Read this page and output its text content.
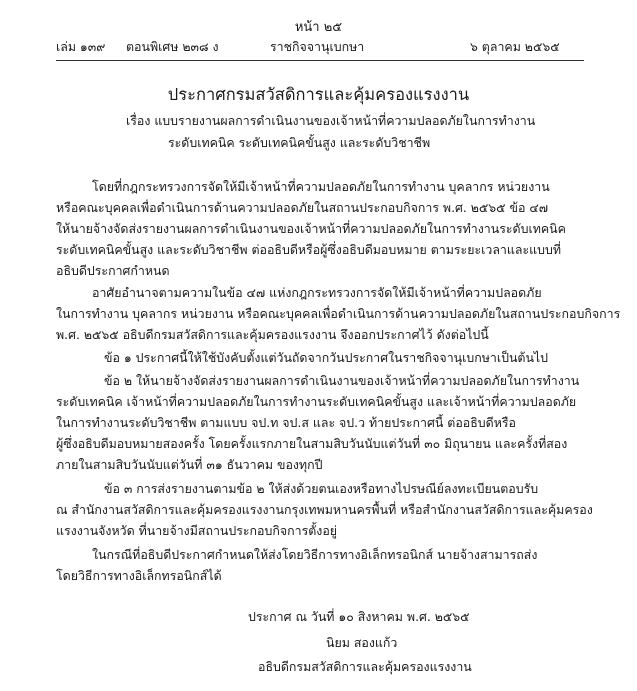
หน้า ๒๕
เล่ม ๑๓๙ ตอนพิเศษ ๒๓๘ ง	ราชกิจจานุเบกษา	๖ ตุลาคม ๒๕๖๕
ประกาศกรมสวัสดิการและคุ้มครองแรงงาน
เรื่อง แบบรายงานผลการดำเนินงานของเจ้าหน้าที่ความปลอดภัยในการทำงาน
ระดับเทคนิค ระดับเทคนิคขั้นสูง และระดับวิชาชีพ
โดยที่กฎกระทรวงการจัดให้มีเจ้าหน้าที่ความปลอดภัยในการทำงาน บุคลากร หน่วยงาน
หรือคณะบุคคลเพื่อดำเนินการด้านความปลอดภัยในสถานประกอบกิจการ พ.ศ. ๒๕๖๕ ข้อ ๔๗
ให้นายจ้างจัดส่งรายงานผลการดำเนินงานของเจ้าหน้าที่ความปลอดภัยในการทำงานระดับเทคนิค
ระดับเทคนิคขั้นสูง และระดับวิชาชีพ ต่ออธิบดีหรือผู้ซึ่งอธิบดีมอบหมาย ตามระยะเวลาและแบบที่
อธิบดีประกาศกำหนด
อาศัยอำนาจตามความในข้อ ๔๗ แห่งกฎกระทรวงการจัดให้มีเจ้าหน้าที่ความปลอดภัย
ในการทำงาน บุคลากร หน่วยงาน หรือคณะบุคคลเพื่อดำเนินการด้านความปลอดภัยในสถานประกอบกิจการ
พ.ศ. ๒๕๖๕ อธิบดีกรมสวัสดิการและคุ้มครองแรงงาน จึงออกประกาศไว้ ดังต่อไปนี้
ข้อ ๑ ประกาศนี้ให้ใช้บังคับตั้งแต่วันถัดจากวันประกาศในราชกิจจานุเบกษาเป็นต้นไป
ข้อ ๒ ให้นายจ้างจัดส่งรายงานผลการดำเนินงานของเจ้าหน้าที่ความปลอดภัยในการทำงาน
ระดับเทคนิค เจ้าหน้าที่ความปลอดภัยในการทำงานระดับเทคนิคขั้นสูง และเจ้าหน้าที่ความปลอดภัย
ในการทำงานระดับวิชาชีพ ตามแบบ จป.ท จป.ส และ จป.ว ท้ายประกาศนี้ ต่ออธิบดีหรือ
ผู้ซึ่งอธิบดีมอบหมายสองครั้ง โดยครั้งแรกภายในสามสิบวันนับแต่วันที่ ๓๐ มิถุนายน และครั้งที่สอง
ภายในสามสิบวันนับแต่วันที่ ๓๑ ธันวาคม ของทุกปี
ข้อ ๓ การส่งรายงานตามข้อ ๒ ให้ส่งด้วยตนเองหรือทางไปรษณีย์ลงทะเบียนตอบรับ
ณ สำนักงานสวัสดิการและคุ้มครองแรงงานกรุงเทพมหานครพื้นที่ หรือสำนักงานสวัสดิการและคุ้มครอง
แรงงานจังหวัด ที่นายจ้างมีสถานประกอบกิจการตั้งอยู่
ในกรณีที่อธิบดีประกาศกำหนดให้ส่งโดยวิธีการทางอิเล็กทรอนิกส์ นายจ้างสามารถส่ง
โดยวิธีการทางอิเล็กทรอนิกส์ได้
ประกาศ ณ วันที่ ๑๐ สิงหาคม พ.ศ. ๒๕๖๕
นิยม สองแก้ว
อธิบดีกรมสวัสดิการและคุ้มครองแรงงาน
